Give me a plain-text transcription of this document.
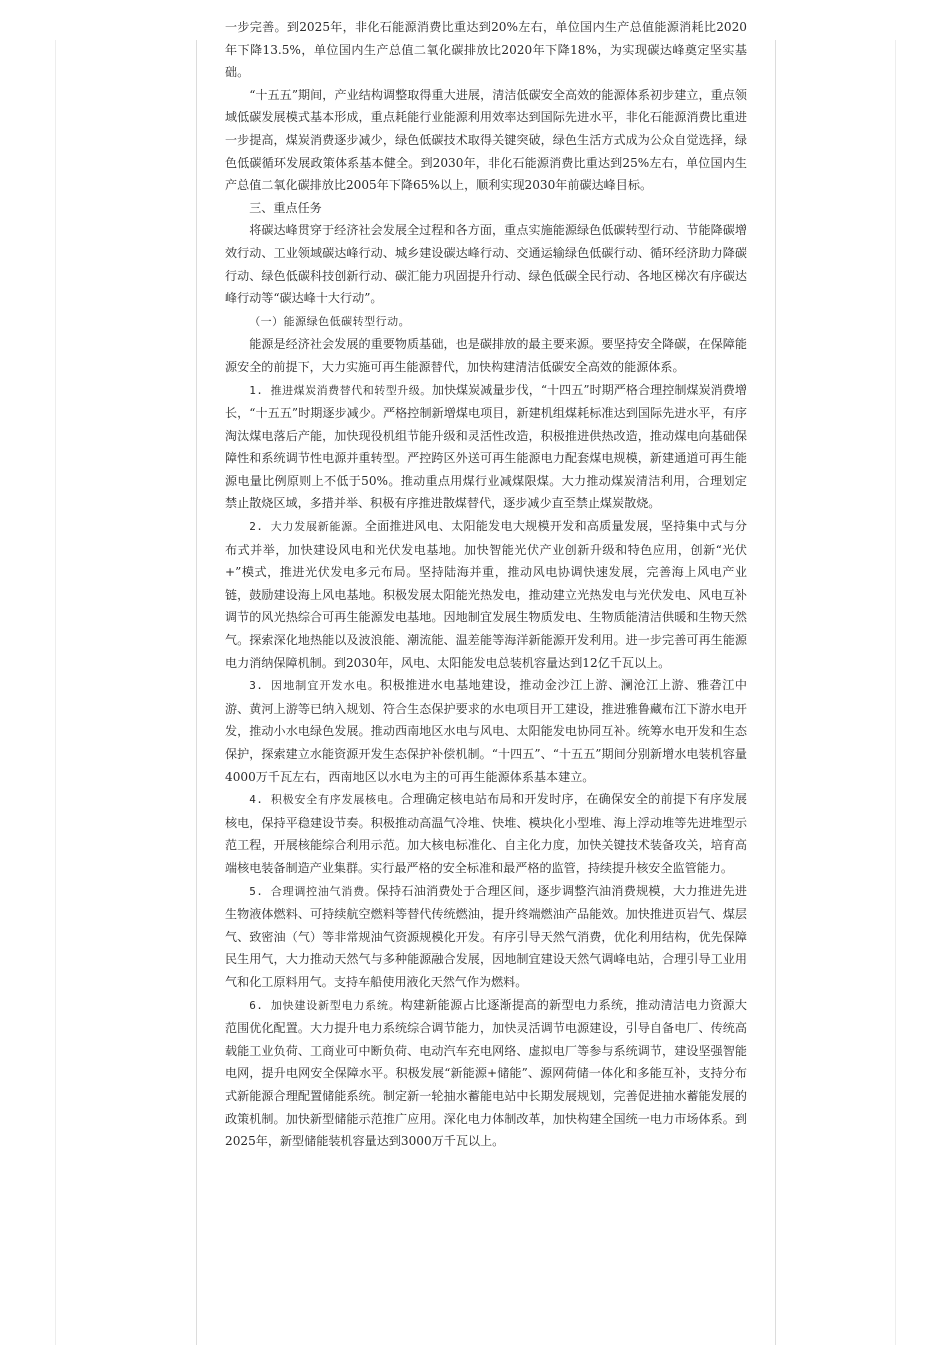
一步完善。到2025年，非化石能源消费比重达到20%左右，单位国内生产总值能源消耗比2020年下降13.5%，单位国内生产总值二氧化碳排放比2020年下降18%，为实现碳达峰奠定坚实基础。

“十五五”期间，产业结构调整取得重大进展，清洁低碳安全高效的能源体系初步建立，重点领域低碳发展模式基本形成，重点耗能行业能源利用效率达到国际先进水平，非化石能源消费比重进一步提高，煤炭消费逐步减少，绿色低碳技术取得关键突破，绿色生活方式成为公众自觉选择，绿色低碳循环发展政策体系基本健全。到2030年，非化石能源消费比重达到25%左右，单位国内生产总值二氧化碳排放比2005年下降65%以上，顺利实现2030年前碳达峰目标。

三、重点任务

将碳达峰贯穿于经济社会发展全过程和各方面，重点实施能源绿色低碳转型行动、节能降碳增效行动、工业领域碳达峰行动、城乡建设碳达峰行动、交通运输绿色低碳行动、循环经济助力降碳行动、绿色低碳科技创新行动、碳汇能力巩固提升行动、绿色低碳全民行动、各地区梯次有序碳达峰行动等“碳达峰十大行动”。

（一）能源绿色低碳转型行动。

能源是经济社会发展的重要物质基础，也是碳排放的最主要来源。要坚持安全降碳，在保障能源安全的前提下，大力实施可再生能源替代，加快构建清洁低碳安全高效的能源体系。

1. 推进煤炭消费替代和转型升级。加快煤炭减量步伐，“十四五”时期严格合理控制煤炭消费增长，“十五五”时期逐步减少。严格控制新增煤电项目，新建机组煤耗标准达到国际先进水平，有序淘汰煤电落后产能，加快现役机组节能升级和灵活性改造，积极推进供热改造，推动煤电向基础保障性和系统调节性电源并重转型。严控跨区外送可再生能源电力配套煤电规模，新建通道可再生能源电量比例原则上不低于50%。推动重点用煤行业减煤限煤。大力推动煤炭清洁利用，合理划定禁止散烧区域，多措并举、积极有序推进散煤替代，逐步减少直至禁止煤炭散烧。

2. 大力发展新能源。全面推进风电、太阳能发电大规模开发和高质量发展，坚持集中式与分布式并举，加快建设风电和光伏发电基地。加快智能光伏产业创新升级和特色应用，创新“光伏+”模式，推进光伏发电多元布局。坚持陆海并重，推动风电协调快速发展，完善海上风电产业链，鼓励建设海上风电基地。积极发展太阳能光热发电，推动建立光热发电与光伏发电、风电互补调节的风光热综合可再生能源发电基地。因地制宜发展生物质发电、生物质能清洁供暖和生物天然气。探索深化地热能以及波浪能、潮流能、温差能等海洋新能源开发利用。进一步完善可再生能源电力消纳保障机制。到2030年，风电、太阳能发电总装机容量达到12亿千瓦以上。

3. 因地制宜开发水电。积极推进水电基地建设，推动金沙江上游、澜沧江上游、雅砻江中游、黄河上游等已纳入规划、符合生态保护要求的水电项目开工建设，推进雅鲁藏布江下游水电开发，推动小水电绿色发展。推动西南地区水电与风电、太阳能发电协同互补。统筹水电开发和生态保护，探索建立水能资源开发生态保护补偿机制。“十四五”、“十五五”期间分别新增水电装机容量4000万千瓦左右，西南地区以水电为主的可再生能源体系基本建立。

4. 积极安全有序发展核电。合理确定核电站布局和开发时序，在确保安全的前提下有序发展核电，保持平稳建设节奏。积极推动高温气冷堆、快堆、模块化小型堆、海上浮动堆等先进堆型示范工程，开展核能综合利用示范。加大核电标准化、自主化力度，加快关键技术装备攻关，培育高端核电装备制造产业集群。实行最严格的安全标准和最严格的监管，持续提升核安全监管能力。

5. 合理调控油气消费。保持石油消费处于合理区间，逐步调整汽油消费规模，大力推进先进生物液体燃料、可持续航空燃料等替代传统燃油，提升终端燃油产品能效。加快推进页岩气、煤层气、致密油（气）等非常规油气资源规模化开发。有序引导天然气消费，优化利用结构，优先保障民生用气，大力推动天然气与多种能源融合发展，因地制宜建设天然气调峰电站，合理引导工业用气和化工原料用气。支持车船使用液化天然气作为燃料。

6. 加快建设新型电力系统。构建新能源占比逐渐提高的新型电力系统，推动清洁电力资源大范围优化配置。大力提升电力系统综合调节能力，加快灵活调节电源建设，引导自备电厂、传统高载能工业负荷、工商业可中断负荷、电动汽车充电网络、虚拟电厂等参与系统调节，建设坚强智能电网，提升电网安全保障水平。积极发展“新能源+储能”、源网荷储一体化和多能互补，支持分布式新能源合理配置储能系统。制定新一轮抽水蓄能电站中长期发展规划，完善促进抽水蓄能发展的政策机制。加快新型储能示范推广应用。深化电力体制改革，加快构建全国统一电力市场体系。到2025年，新型储能装机容量达到3000万千瓦以上。
